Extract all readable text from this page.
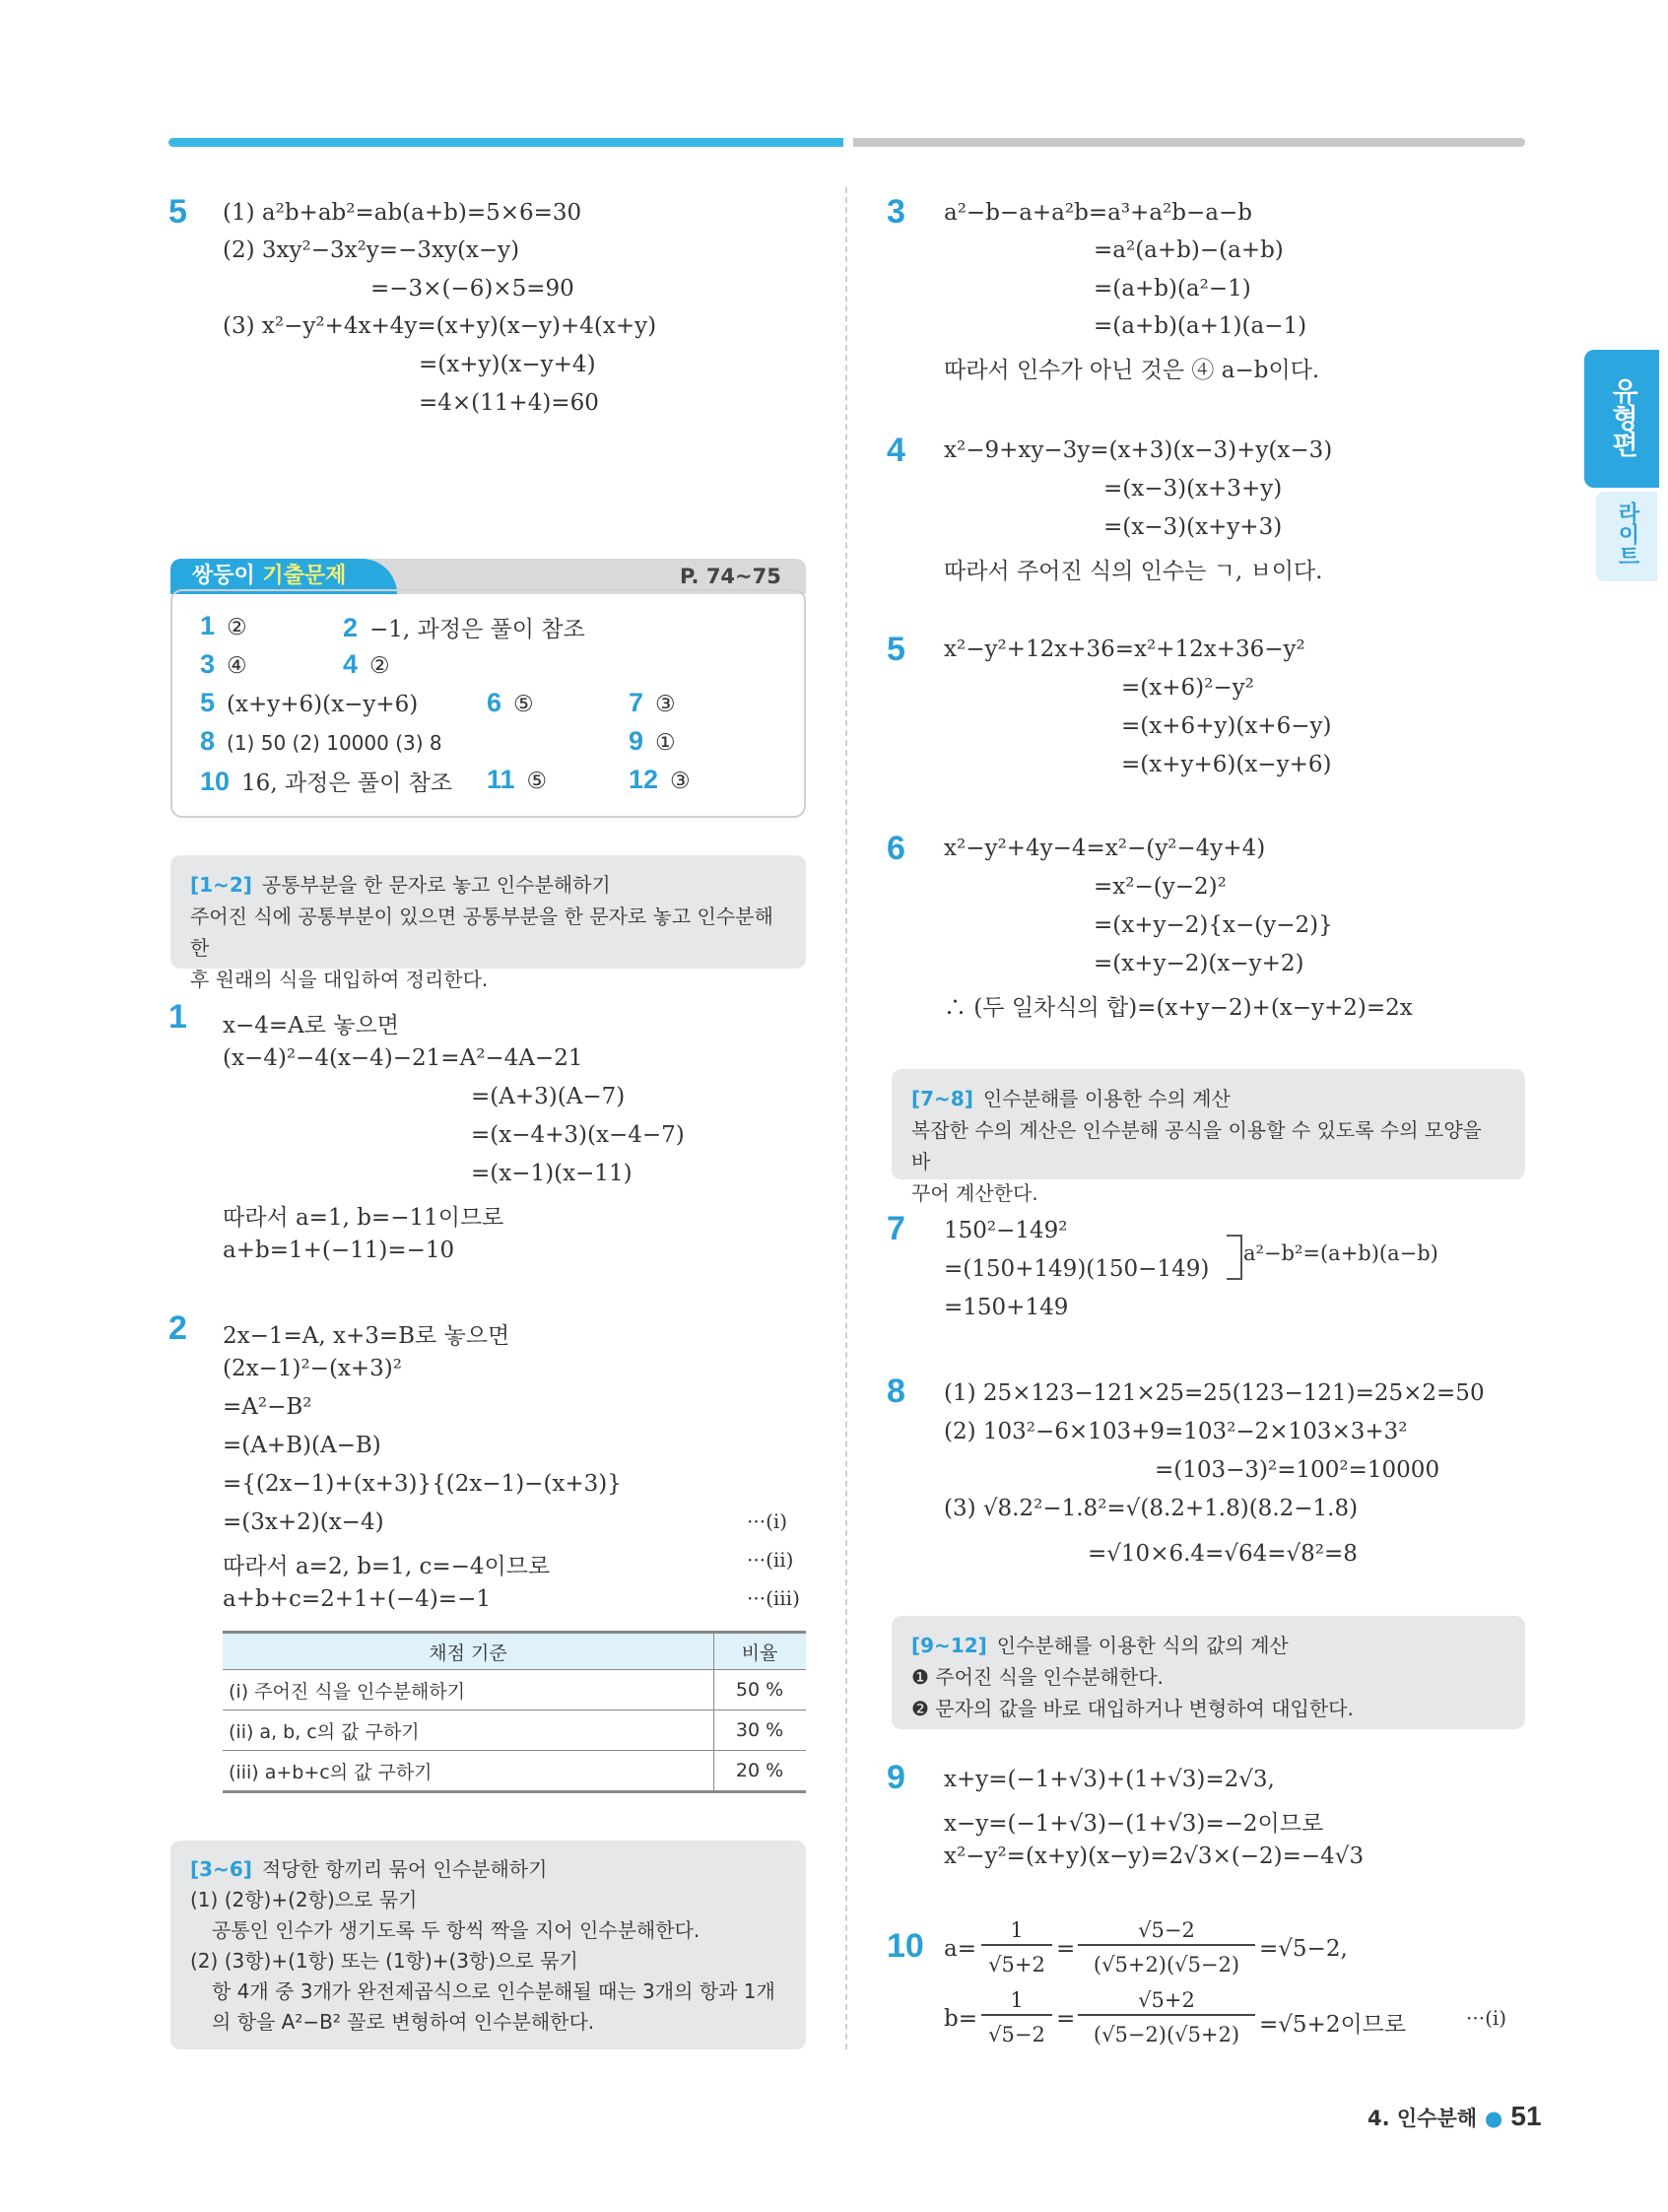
유형편
라이트
5 (1) a²b+ab²=ab(a+b)=5×6=30
(2) 3xy²−3x²y=−3xy(x−y)
=−3×(−6)×5=90
(3) x²−y²+4x+4y=(x+y)(x−y)+4(x+y)
=(x+y)(x−y+4)
=4×(11+4)=60
쌍둥이 기출문제	P. 74~75
1 ②	2 −1, 과정은 풀이 참조
3 ④	4 ②
5 (x+y+6)(x−y+6)	6 ⑤	7 ③
8 (1) 50 (2) 10000 (3) 8	9 ①
10 16, 과정은 풀이 참조 11 ⑤	12 ③
[1~2] 공통부분을 한 문자로 놓고 인수분해하기
주어진 식에 공통부분이 있으면 공통부분을 한 문자로 놓고 인수분해한
후 원래의 식을 대입하여 정리한다.
1 x−4=A로 놓으면
(x−4)²−4(x−4)−21=A²−4A−21
=(A+3)(A−7)
=(x−4+3)(x−4−7)
=(x−1)(x−11)
따라서 a=1, b=−11이므로
a+b=1+(−11)=−10
2 2x−1=A, x+3=B로 놓으면
(2x−1)²−(x+3)²
=A²−B²
=(A+B)(A−B)
={(2x−1)+(x+3)}{(2x−1)−(x+3)}
=(3x+2)(x−4)
따라서 a=2, b=1, c=−4이므로
a+b+c=2+1+(−4)=−1
···(i)
···(ii)
···(iii)
채점 기준	비율
(i) 주어진 식을 인수분해하기	50 %
(ii) a, b, c의 값 구하기	30 %
(iii) a+b+c의 값 구하기	20 %
[3~6] 적당한 항끼리 묶어 인수분해하기
(1) (2항)+(2항)으로 묶기
공통인 인수가 생기도록 두 항씩 짝을 지어 인수분해한다.
(2) (3항)+(1항) 또는 (1항)+(3항)으로 묶기
항 4개 중 3개가 완전제곱식으로 인수분해될 때는 3개의 항과 1개
의 항을 A²−B² 꼴로 변형하여 인수분해한다.
3 a²−b−a+a²b=a³+a²b−a−b
=a²(a+b)−(a+b)
=(a+b)(a²−1)
=(a+b)(a+1)(a−1)
따라서 인수가 아닌 것은 ④ a−b이다.
4 x²−9+xy−3y=(x+3)(x−3)+y(x−3)
=(x−3)(x+3+y)
=(x−3)(x+y+3)
따라서 주어진 식의 인수는 ㄱ, ㅂ이다.
5 x²−y²+12x+36=x²+12x+36−y²
=(x+6)²−y²
=(x+6+y)(x+6−y)
=(x+y+6)(x−y+6)
6 x²−y²+4y−4=x²−(y²−4y+4)
=x²−(y−2)²
=(x+y−2){x−(y−2)}
=(x+y−2)(x−y+2)
∴ (두 일차식의 합)=(x+y−2)+(x−y+2)=2x
[7~8] 인수분해를 이용한 수의 계산
복잡한 수의 계산은 인수분해 공식을 이용할 수 있도록 수의 모양을 바
꾸어 계산한다.
7 150²−149²
=(150+149)(150−149)
=150+149
a²−b²=(a+b)(a−b)
8 (1) 25×123−121×25=25(123−121)=25×2=50
(2) 103²−6×103+9=103²−2×103×3+3²
=(103−3)²=100²=10000
(3) √8.2²−1.8²=√(8.2+1.8)(8.2−1.8)
=√10×6.4=√64=√8²=8
[9~12] 인수분해를 이용한 식의 값의 계산
❶ 주어진 식을 인수분해한다.
❷ 문자의 값을 바로 대입하거나 변형하여 대입한다.
9 x+y=(−1+√3)+(1+√3)=2√3,
x−y=(−1+√3)−(1+√3)=−2이므로
x²−y²=(x+y)(x−y)=2√3×(−2)=−4√3
10 a=
1
√5+2
=
√5−2
(√5+2)(√5−2)
=√5−2,
b=
1
√5−2
=
√5+2
(√5−2)(√5+2) =√5+2이므로	···(i)
4. 인수분해 ● 51
